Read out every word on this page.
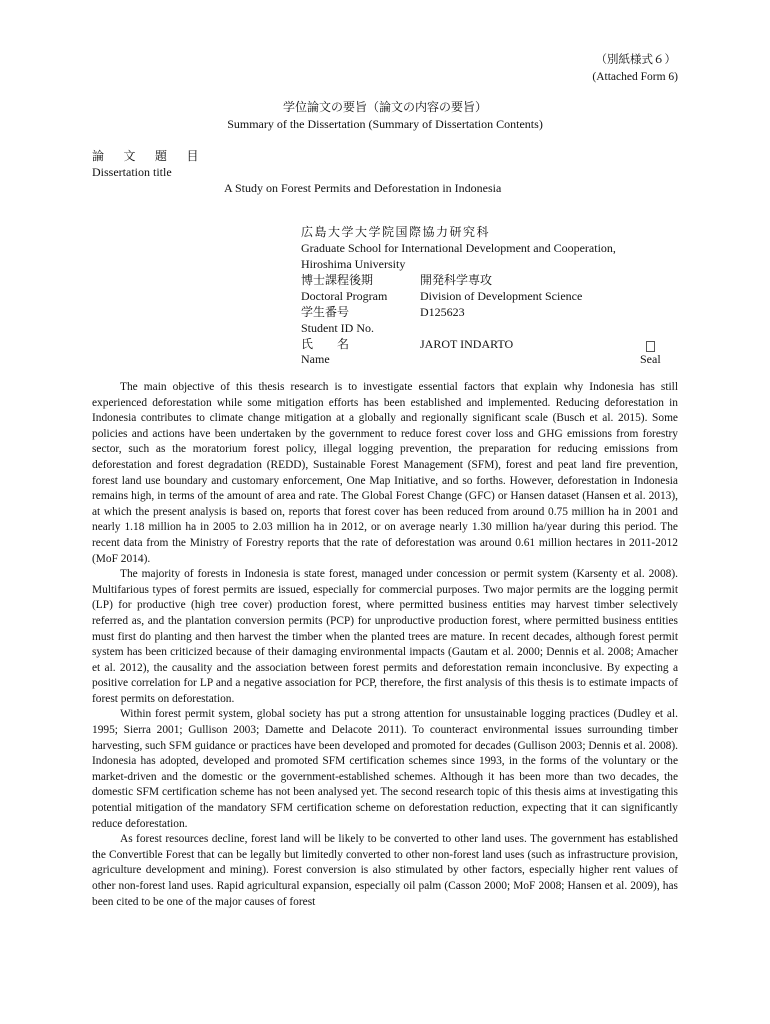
（別紙様式６）
(Attached Form 6)
学位論文の要旨（論文の内容の要旨）
Summary of the Dissertation (Summary of Dissertation Contents)
論　 文　 題　 目
Dissertation title
A Study on Forest Permits and Deforestation in Indonesia
広島大学大学院国際協力研究科
Graduate School for International Development and Cooperation,
Hiroshima University
博士課程後期	開発科学専攻
Doctoral Program	Division of Development Science
学生番号	D125623
Student ID No.
氏　　名	JAROT INDARTO
Name	Seal

The main objective of this thesis research is to investigate essential factors that explain why Indonesia has still experienced deforestation while some mitigation efforts has been established and implemented. Reducing deforestation in Indonesia contributes to climate change mitigation at a globally and regionally significant scale (Busch et al. 2015). Some policies and actions have been undertaken by the government to reduce forest cover loss and GHG emissions from forestry sector, such as the moratorium forest policy, illegal logging prevention, the preparation for reducing emissions from deforestation and forest degradation (REDD), Sustainable Forest Management (SFM), forest and peat land fire prevention, forest land use boundary and customary enforcement, One Map Initiative, and so forths. However, deforestation in Indonesia remains high, in terms of the amount of area and rate. The Global Forest Change (GFC) or Hansen dataset (Hansen et al. 2013), at which the present analysis is based on, reports that forest cover has been reduced from around 0.75 million ha in 2001 and nearly 1.18 million ha in 2005 to 2.03 million ha in 2012, or on average nearly 1.30 million ha/year during this period. The recent data from the Ministry of Forestry reports that the rate of deforestation was around 0.61 million hectares in 2011-2012 (MoF 2014).

The majority of forests in Indonesia is state forest, managed under concession or permit system (Karsenty et al. 2008). Multifarious types of forest permits are issued, especially for commercial purposes. Two major permits are the logging permit (LP) for productive (high tree cover) production forest, where permitted business entities may harvest timber selectively referred as, and the plantation conversion permits (PCP) for unproductive production forest, where permitted business entities must first do planting and then harvest the timber when the planted trees are mature. In recent decades, although forest permit system has been criticized because of their damaging environmental impacts (Gautam et al. 2000; Dennis et al. 2008; Amacher et al. 2012), the causality and the association between forest permits and deforestation remain inconclusive. By expecting a positive correlation for LP and a negative association for PCP, therefore, the first analysis of this thesis is to estimate impacts of forest permits on deforestation.

Within forest permit system, global society has put a strong attention for unsustainable logging practices (Dudley et al. 1995; Sierra 2001; Gullison 2003; Damette and Delacote 2011). To counteract environmental issues surrounding timber harvesting, such SFM guidance or practices have been developed and promoted for decades (Gullison 2003; Dennis et al. 2008). Indonesia has adopted, developed and promoted SFM certification schemes since 1993, in the forms of the voluntary or the market-driven and the domestic or the government-established schemes. Although it has been more than two decades, the domestic SFM certification scheme has not been analysed yet. The second research topic of this thesis aims at investigating this potential mitigation of the mandatory SFM certification scheme on deforestation reduction, expecting that it can significantly reduce deforestation.

As forest resources decline, forest land will be likely to be converted to other land uses. The government has established the Convertible Forest that can be legally but limitedly converted to other non-forest land uses (such as infrastructure provision, agriculture development and mining). Forest conversion is also stimulated by other factors, especially higher rent values of other non-forest land uses. Rapid agricultural expansion, especially oil palm (Casson 2000; MoF 2008; Hansen et al. 2009), has been cited to be one of the major causes of forest
